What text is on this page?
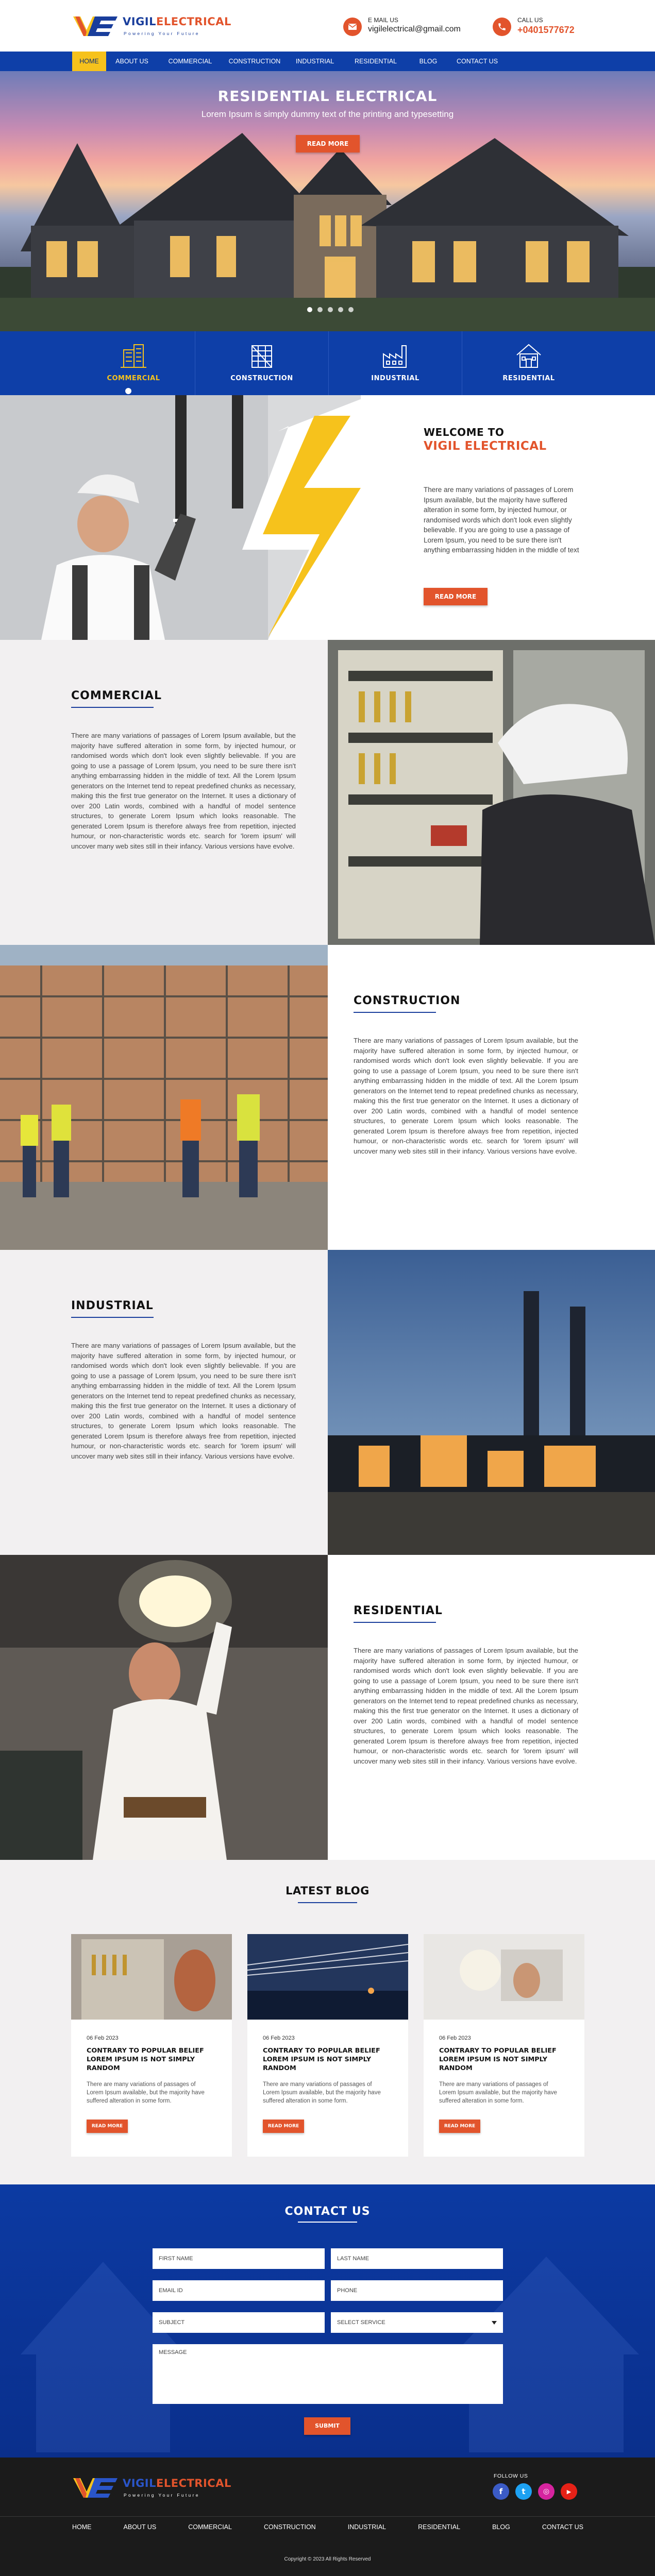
VIGILELECTRICAL
Powering Your Future
E MAIL US
vigilelectrical@gmail.com
CALL US
+0401577672
HOME	ABOUT US	COMMERCIAL	CONSTRUCTION	INDUSTRIAL	RESIDENTIAL	BLOG	CONTACT US
RESIDENTIAL ELECTRICAL
Lorem Ipsum is simply dummy text of the printing and typesetting
READ MORE
COMMERCIAL	CONSTRUCTION	INDUSTRIAL	RESIDENTIAL
WELCOME TO
VIGIL ELECTRICAL
There are many variations of passages of Lorem Ipsum available, but the majority have suffered alteration in some form, by injected humour, or randomised words which don't look even slightly believable. If you are going to use a passage of Lorem Ipsum, you need to be sure there isn't anything embarrassing hidden in the middle of text
READ MORE
COMMERCIAL
There are many variations of passages of Lorem Ipsum available, but the majority have suffered alteration in some form, by injected humour, or randomised words which don't look even slightly believable. If you are going to use a passage of Lorem Ipsum, you need to be sure there isn't anything embarrassing hidden in the middle of text. All the Lorem Ipsum generators on the Internet tend to repeat predefined chunks as necessary, making this the first true generator on the Internet. It uses a dictionary of over 200 Latin words, combined with a handful of model sentence structures, to generate Lorem Ipsum which looks reasonable. The generated Lorem Ipsum is therefore always free from repetition, injected humour, or non-characteristic words etc. search for 'lorem ipsum' will uncover many web sites still in their infancy. Various versions have evolve.
CONSTRUCTION
There are many variations of passages of Lorem Ipsum available, but the majority have suffered alteration in some form, by injected humour, or randomised words which don't look even slightly believable. If you are going to use a passage of Lorem Ipsum, you need to be sure there isn't anything embarrassing hidden in the middle of text. All the Lorem Ipsum generators on the Internet tend to repeat predefined chunks as necessary, making this the first true generator on the Internet. It uses a dictionary of over 200 Latin words, combined with a handful of model sentence structures, to generate Lorem Ipsum which looks reasonable. The generated Lorem Ipsum is therefore always free from repetition, injected humour, or non-characteristic words etc. search for 'lorem ipsum' will uncover many web sites still in their infancy. Various versions have evolve.
INDUSTRIAL
There are many variations of passages of Lorem Ipsum available, but the majority have suffered alteration in some form, by injected humour, or randomised words which don't look even slightly believable. If you are going to use a passage of Lorem Ipsum, you need to be sure there isn't anything embarrassing hidden in the middle of text. All the Lorem Ipsum generators on the Internet tend to repeat predefined chunks as necessary, making this the first true generator on the Internet. It uses a dictionary of over 200 Latin words, combined with a handful of model sentence structures, to generate Lorem Ipsum which looks reasonable. The generated Lorem Ipsum is therefore always free from repetition, injected humour, or non-characteristic words etc. search for 'lorem ipsum' will uncover many web sites still in their infancy. Various versions have evolve.
RESIDENTIAL
There are many variations of passages of Lorem Ipsum available, but the majority have suffered alteration in some form, by injected humour, or randomised words which don't look even slightly believable. If you are going to use a passage of Lorem Ipsum, you need to be sure there isn't anything embarrassing hidden in the middle of text. All the Lorem Ipsum generators on the Internet tend to repeat predefined chunks as necessary, making this the first true generator on the Internet. It uses a dictionary of over 200 Latin words, combined with a handful of model sentence structures, to generate Lorem Ipsum which looks reasonable. The generated Lorem Ipsum is therefore always free from repetition, injected humour, or non-characteristic words etc. search for 'lorem ipsum' will uncover many web sites still in their infancy. Various versions have evolve.
LATEST BLOG
06 Feb 2023
CONTRARY TO POPULAR BELIEF LOREM IPSUM IS NOT SIMPLY RANDOM
There are many variations of passages of Lorem Ipsum available, but the majority have suffered alteration in some form.
READ MORE
06 Feb 2023
CONTRARY TO POPULAR BELIEF LOREM IPSUM IS NOT SIMPLY RANDOM
There are many variations of passages of Lorem Ipsum available, but the majority have suffered alteration in some form.
READ MORE
06 Feb 2023
CONTRARY TO POPULAR BELIEF LOREM IPSUM IS NOT SIMPLY RANDOM
There are many variations of passages of Lorem Ipsum available, but the majority have suffered alteration in some form.
READ MORE
CONTACT US
FIRST NAME	LAST NAME
EMAIL ID	PHONE
SUBJECT	SELECT SERVICE
MESSAGE
SUBMIT
VIGILELECTRICAL
Powering Your Future
FOLLOW US
f	t	◎	▶
HOME	ABOUT US	COMMERCIAL	CONSTRUCTION	INDUSTRIAL	RESIDENTIAL	BLOG	CONTACT US
Copyright © 2023 All Rights Reserved
